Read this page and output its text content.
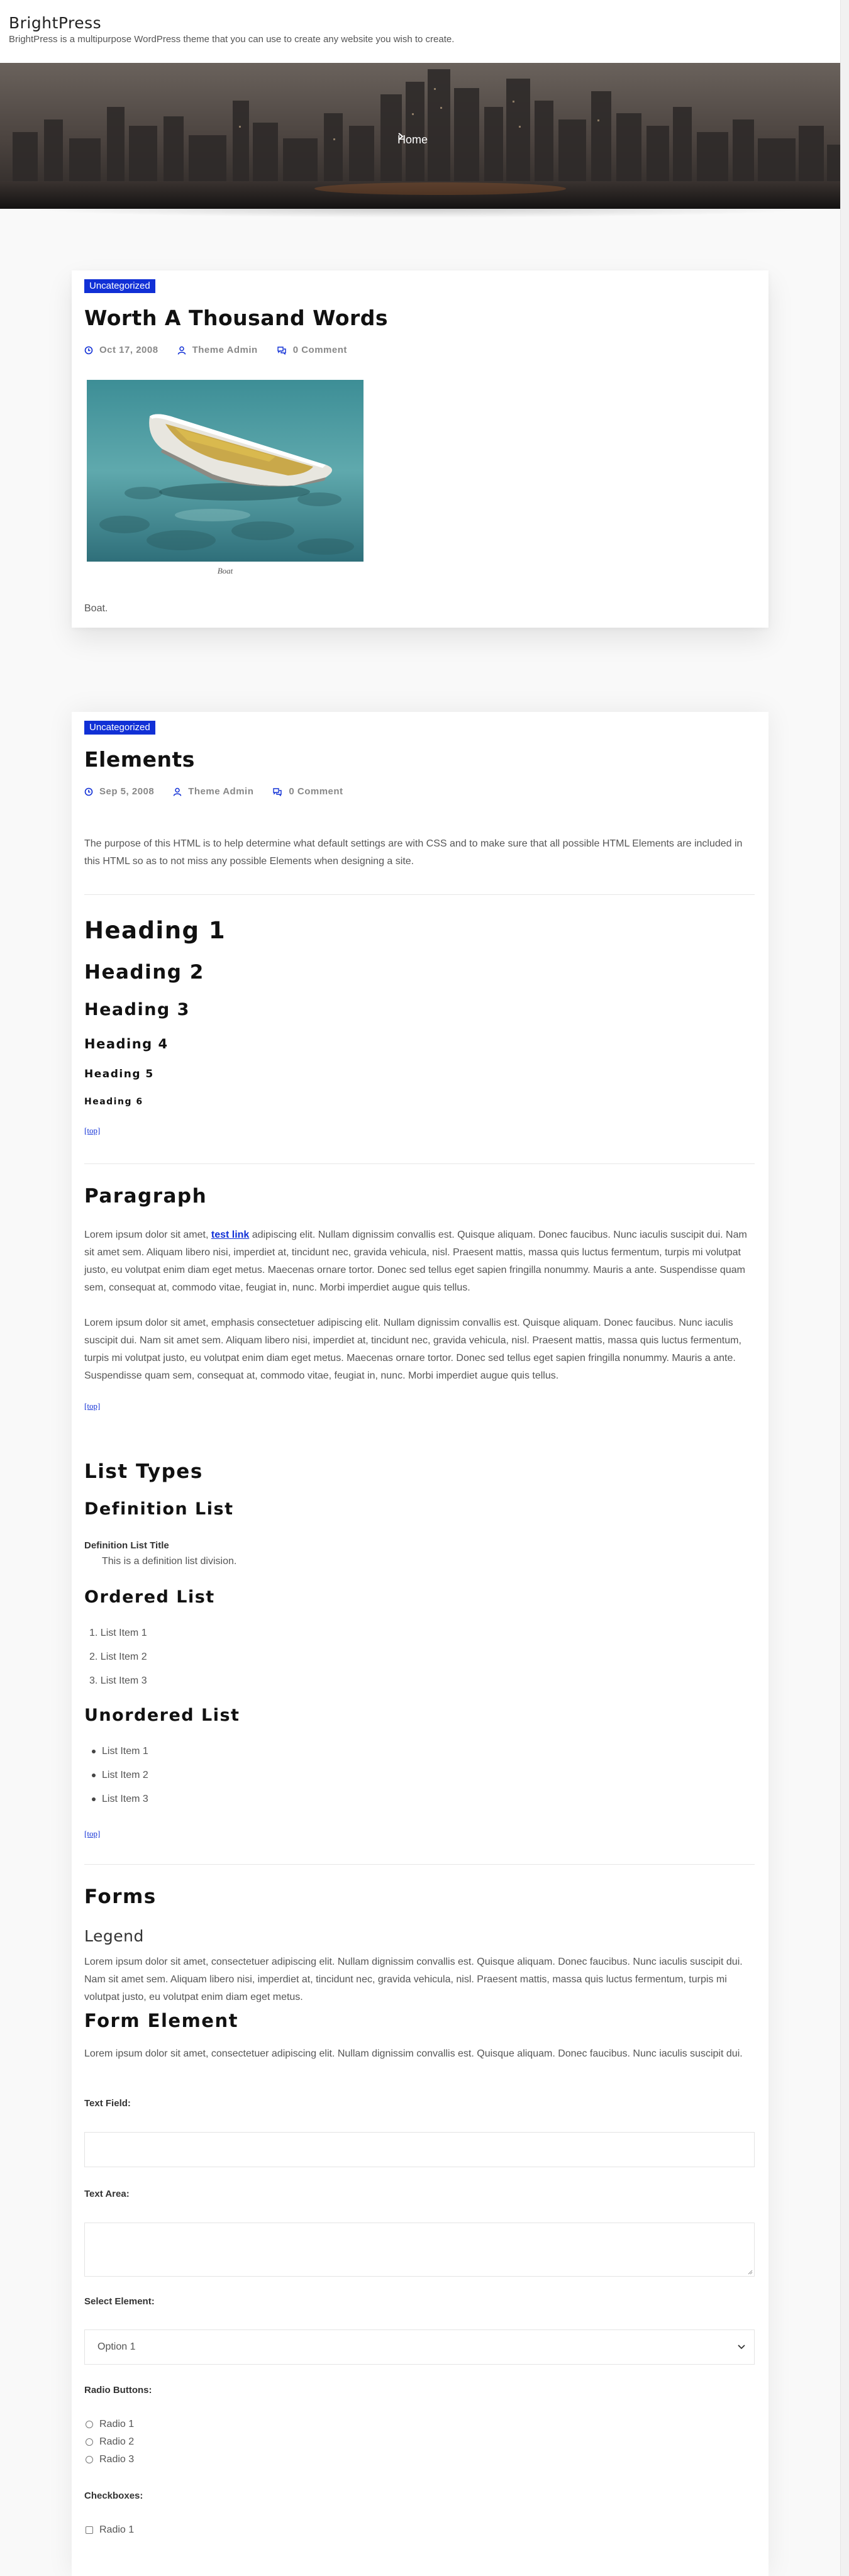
BrightPress
BrightPress is a multipurpose WordPress theme that you can use to create any website you wish to create.
Home
Uncategorized
Worth A Thousand Words
Oct 17, 2008	Theme Admin	0 Comment
Boat

Boat.

Uncategorized
Elements
Sep 5, 2008	Theme Admin	0 Comment

The purpose of this HTML is to help determine what default settings are with CSS and to make sure that all possible HTML Elements are included in this HTML so as to not miss any possible Elements when designing a site.

Heading 1
Heading 2
Heading 3
Heading 4
Heading 5
Heading 6
[top]
Paragraph

Lorem ipsum dolor sit amet, test link adipiscing elit. Nullam dignissim convallis est. Quisque aliquam. Donec faucibus. Nunc iaculis suscipit dui. Nam sit amet sem. Aliquam libero nisi, imperdiet at, tincidunt nec, gravida vehicula, nisl. Praesent mattis, massa quis luctus fermentum, turpis mi volutpat justo, eu volutpat enim diam eget metus. Maecenas ornare tortor. Donec sed tellus eget sapien fringilla nonummy. Mauris a ante. Suspendisse quam sem, consequat at, commodo vitae, feugiat in, nunc. Morbi imperdiet augue quis tellus.

Lorem ipsum dolor sit amet, emphasis consectetuer adipiscing elit. Nullam dignissim convallis est. Quisque aliquam. Donec faucibus. Nunc iaculis suscipit dui. Nam sit amet sem. Aliquam libero nisi, imperdiet at, tincidunt nec, gravida vehicula, nisl. Praesent mattis, massa quis luctus fermentum, turpis mi volutpat justo, eu volutpat enim diam eget metus. Maecenas ornare tortor. Donec sed tellus eget sapien fringilla nonummy. Mauris a ante. Suspendisse quam sem, consequat at, commodo vitae, feugiat in, nunc. Morbi imperdiet augue quis tellus.

[top]
List Types
Definition List
Definition List Title
This is a definition list division.
Ordered List
1. List Item 1
2. List Item 2
3. List Item 3
Unordered List
List Item 1
List Item 2
List Item 3
[top]
Forms
Legend

Lorem ipsum dolor sit amet, consectetuer adipiscing elit. Nullam dignissim convallis est. Quisque aliquam. Donec faucibus. Nunc iaculis suscipit dui. Nam sit amet sem. Aliquam libero nisi, imperdiet at, tincidunt nec, gravida vehicula, nisl. Praesent mattis, massa quis luctus fermentum, turpis mi volutpat justo, eu volutpat enim diam eget metus.

Form Element

Lorem ipsum dolor sit amet, consectetuer adipiscing elit. Nullam dignissim convallis est. Quisque aliquam. Donec faucibus. Nunc iaculis suscipit dui.

Text Field:
Text Area:
Select Element:
Option 1
Radio Buttons:
Radio 1
Radio 2
Radio 3
Checkboxes:
Radio 1
